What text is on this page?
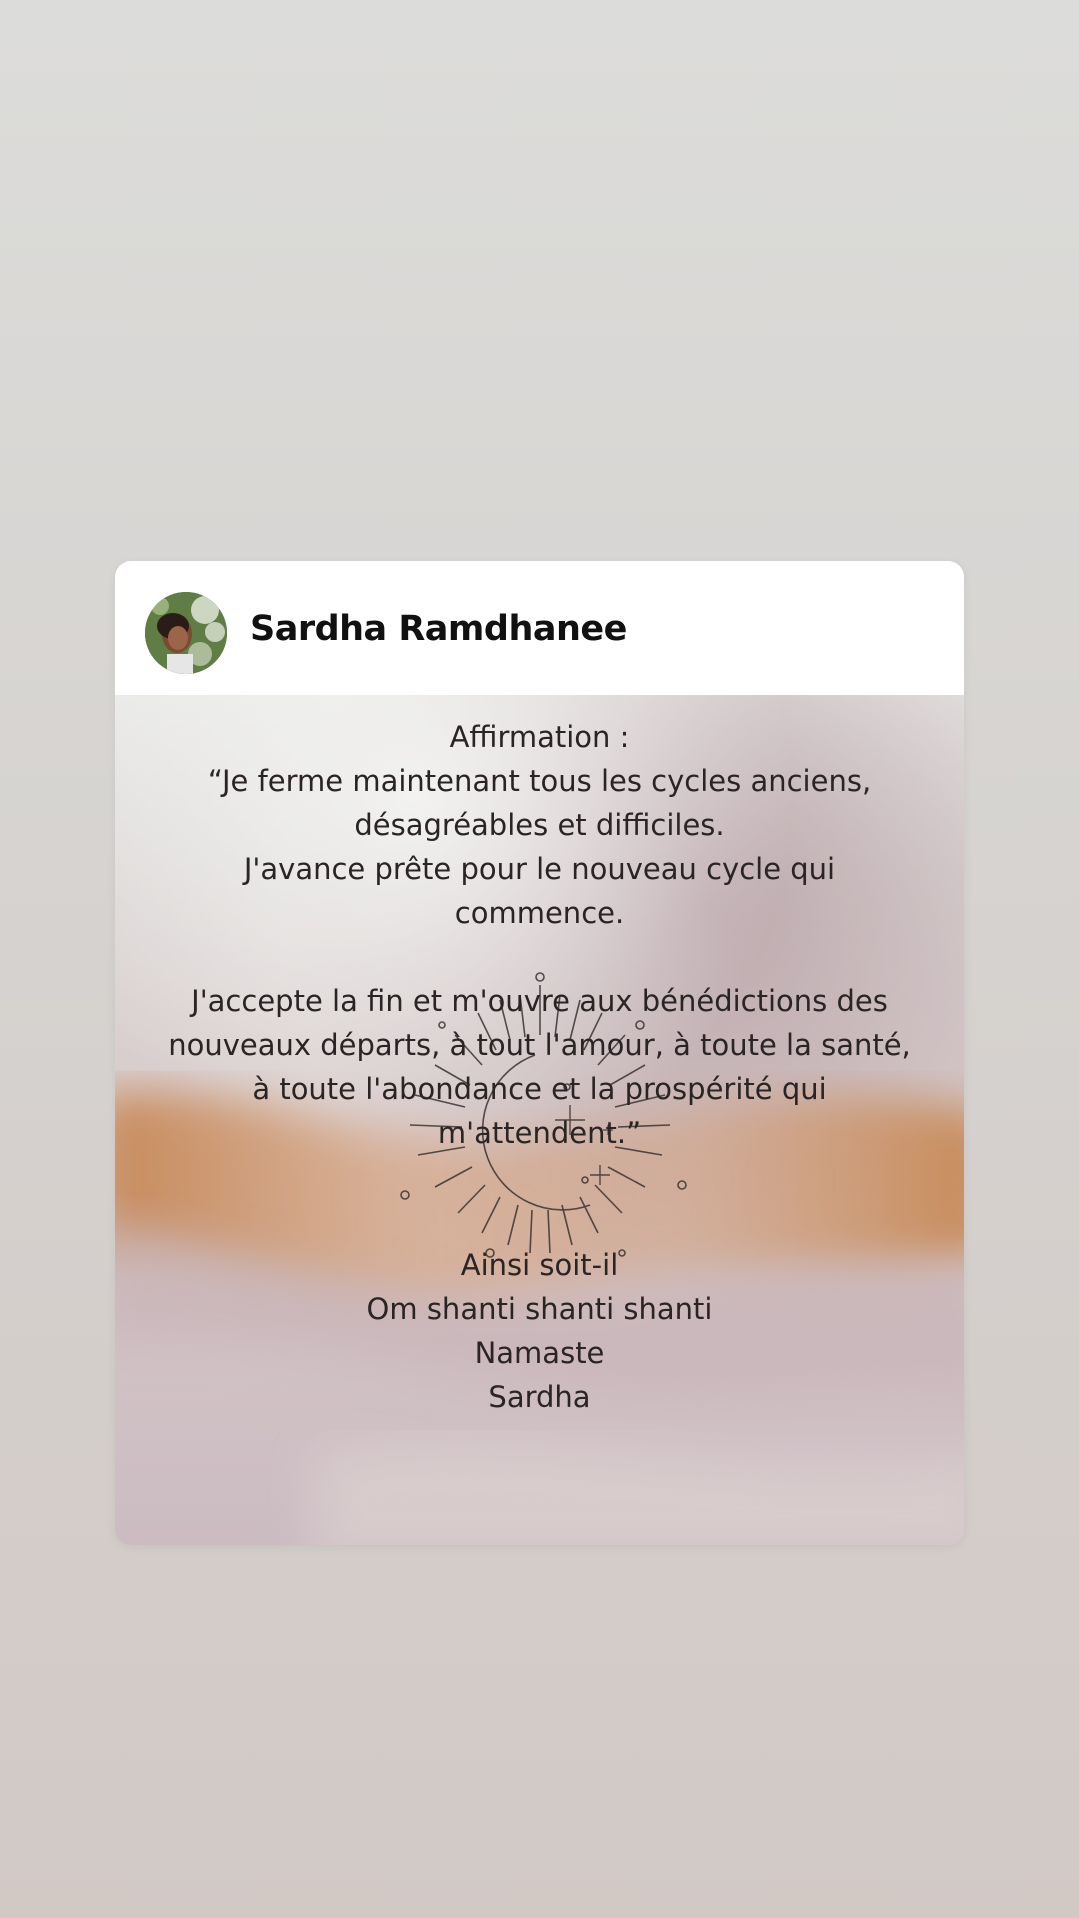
Sardha Ramdhanee

Affirmation :

“Je ferme maintenant tous les cycles anciens,

désagréables et difficiles.

J'avance prête pour le nouveau cycle qui

commence.

J'accepte la fin et m'ouvre aux bénédictions des

nouveaux départs, à tout l'amour, à toute la santé,

à toute l'abondance et la prospérité qui

m'attendent.”

Ainsi soit-il

Om shanti shanti shanti

Namaste

Sardha
